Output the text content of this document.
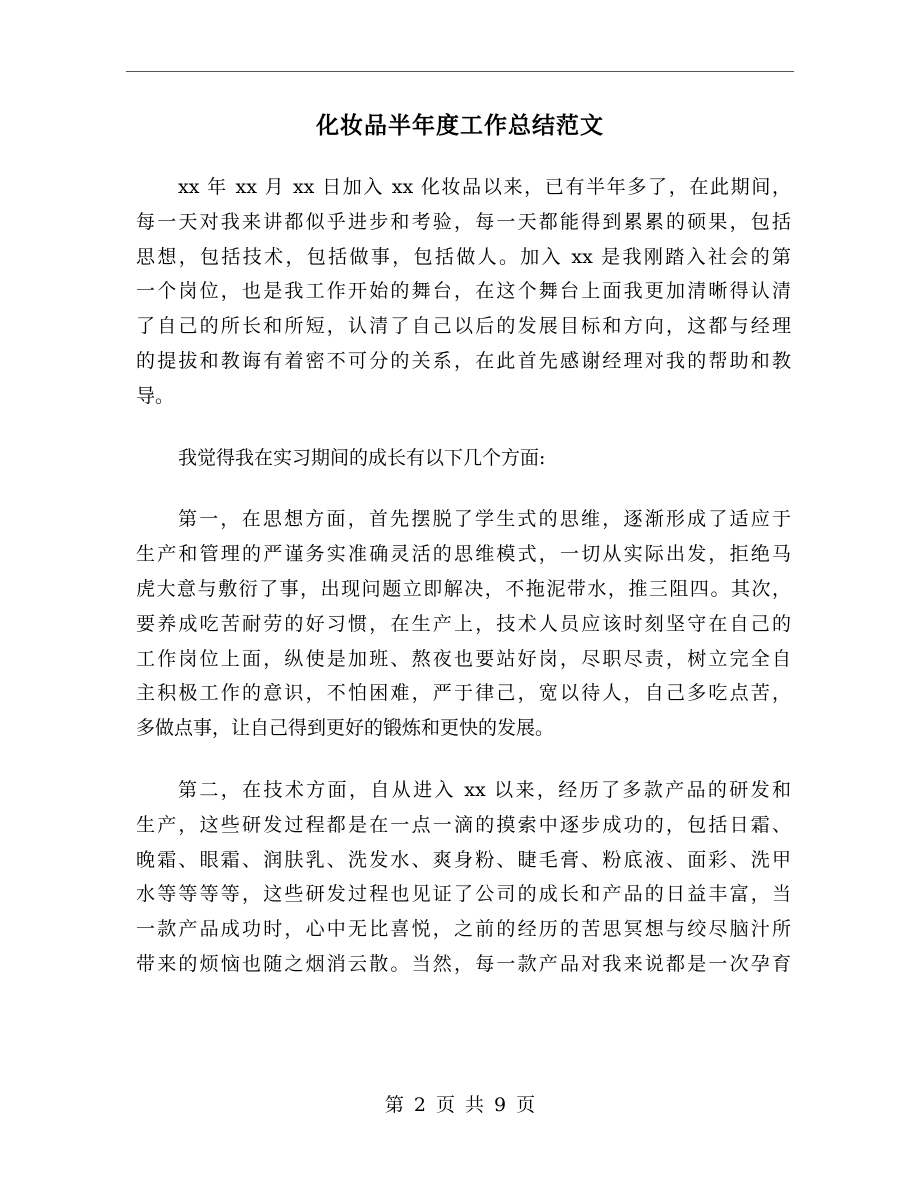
化妆品半年度工作总结范文
xx 年 xx 月 xx 日加入 xx 化妆品以来，已有半年多了，在此期间，
每一天对我来讲都似乎进步和考验，每一天都能得到累累的硕果，包括
思想，包括技术，包括做事，包括做人。加入 xx 是我刚踏入社会的第
一个岗位，也是我工作开始的舞台，在这个舞台上面我更加清晰得认清
了自己的所长和所短，认清了自己以后的发展目标和方向，这都与经理
的提拔和教诲有着密不可分的关系，在此首先感谢经理对我的帮助和教
导。
我觉得我在实习期间的成长有以下几个方面:
第一，在思想方面，首先摆脱了学生式的思维，逐渐形成了适应于
生产和管理的严谨务实准确灵活的思维模式，一切从实际出发，拒绝马
虎大意与敷衍了事，出现问题立即解决，不拖泥带水，推三阻四。其次，
要养成吃苦耐劳的好习惯，在生产上，技术人员应该时刻坚守在自己的
工作岗位上面，纵使是加班、熬夜也要站好岗，尽职尽责，树立完全自
主积极工作的意识，不怕困难，严于律己，宽以待人，自己多吃点苦，
多做点事，让自己得到更好的锻炼和更快的发展。
第二，在技术方面，自从进入 xx 以来，经历了多款产品的研发和
生产，这些研发过程都是在一点一滴的摸索中逐步成功的，包括日霜、
晚霜、眼霜、润肤乳、洗发水、爽身粉、睫毛膏、粉底液、面彩、洗甲
水等等等等，这些研发过程也见证了公司的成长和产品的日益丰富，当
一款产品成功时，心中无比喜悦，之前的经历的苦思冥想与绞尽脑汁所
带来的烦恼也随之烟消云散。当然，每一款产品对我来说都是一次孕育
第 2 页 共 9 页
